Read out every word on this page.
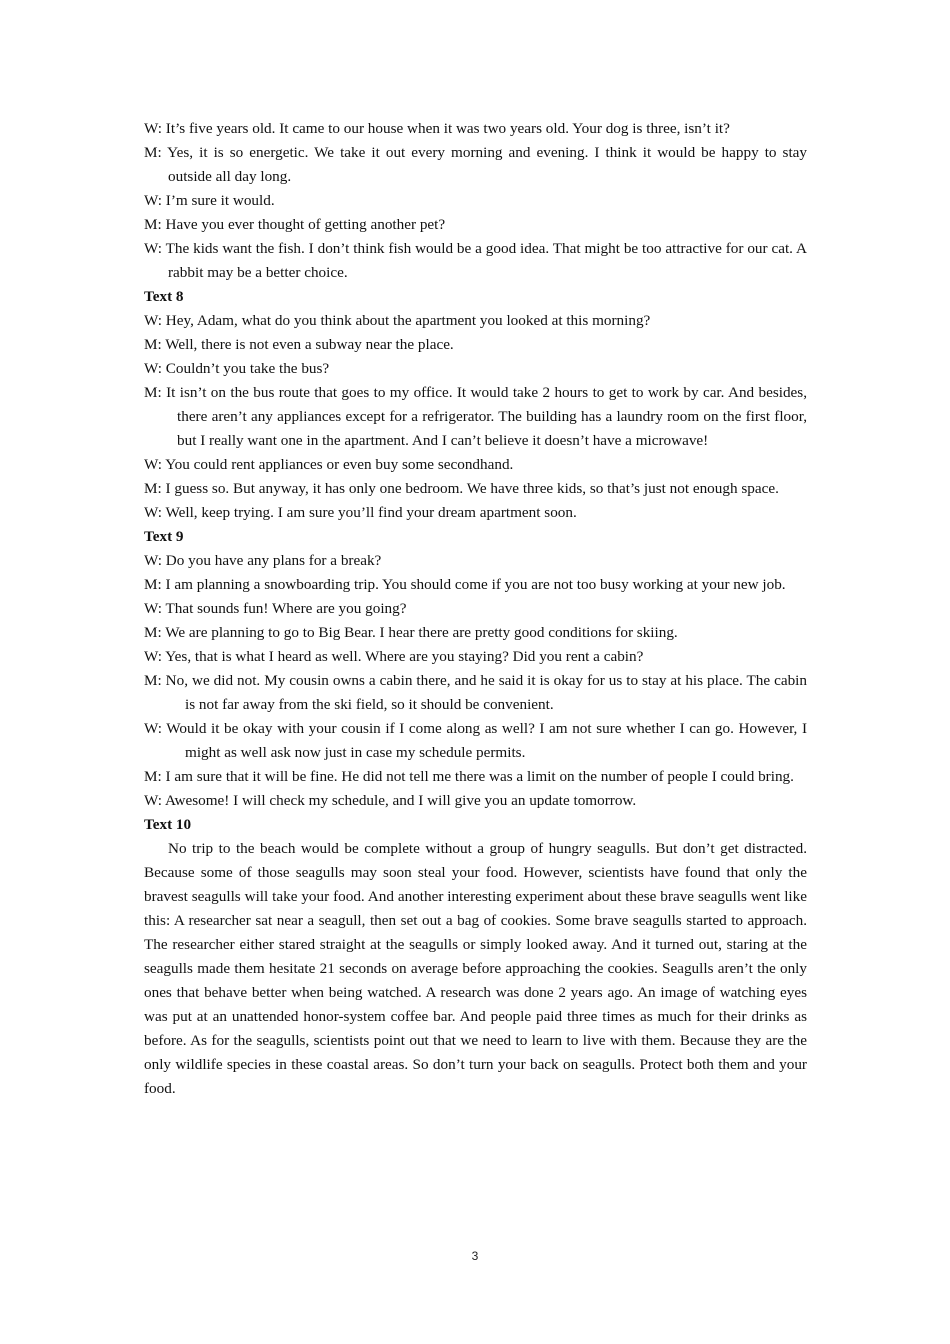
W: It’s five years old. It came to our house when it was two years old. Your dog is three, isn’t it?

M: Yes, it is so energetic. We take it out every morning and evening. I think it would be happy to stay outside all day long.

W: I’m sure it would.

M: Have you ever thought of getting another pet?

W: The kids want the fish. I don’t think fish would be a good idea. That might be too attractive for our cat. A rabbit may be a better choice.

Text 8

W: Hey, Adam, what do you think about the apartment you looked at this morning?

M: Well, there is not even a subway near the place.

W: Couldn’t you take the bus?

M: It isn’t on the bus route that goes to my office. It would take 2 hours to get to work by car. And besides, there aren’t any appliances except for a refrigerator. The building has a laundry room on the first floor, but I really want one in the apartment. And I can’t believe it doesn’t have a microwave!

W: You could rent appliances or even buy some secondhand.

M: I guess so. But anyway, it has only one bedroom. We have three kids, so that’s just not enough space.

W: Well, keep trying. I am sure you’ll find your dream apartment soon.

Text 9

W: Do you have any plans for a break?

M: I am planning a snowboarding trip. You should come if you are not too busy working at your new job.

W: That sounds fun! Where are you going?

M: We are planning to go to Big Bear. I hear there are pretty good conditions for skiing.

W: Yes, that is what I heard as well. Where are you staying? Did you rent a cabin?

M: No, we did not. My cousin owns a cabin there, and he said it is okay for us to stay at his place. The cabin is not far away from the ski field, so it should be convenient.

W: Would it be okay with your cousin if I come along as well? I am not sure whether I can go. However, I might as well ask now just in case my schedule permits.

M: I am sure that it will be fine. He did not tell me there was a limit on the number of people I could bring.

W: Awesome! I will check my schedule, and I will give you an update tomorrow.

Text 10

No trip to the beach would be complete without a group of hungry seagulls. But don’t get distracted. Because some of those seagulls may soon steal your food. However, scientists have found that only the bravest seagulls will take your food. And another interesting experiment about these brave seagulls went like this: A researcher sat near a seagull, then set out a bag of cookies. Some brave seagulls started to approach. The researcher either stared straight at the seagulls or simply looked away. And it turned out, staring at the seagulls made them hesitate 21 seconds on average before approaching the cookies. Seagulls aren’t the only ones that behave better when being watched. A research was done 2 years ago. An image of watching eyes was put at an unattended honor-system coffee bar. And people paid three times as much for their drinks as before. As for the seagulls, scientists point out that we need to learn to live with them. Because they are the only wildlife species in these coastal areas. So don’t turn your back on seagulls. Protect both them and your food.

3
